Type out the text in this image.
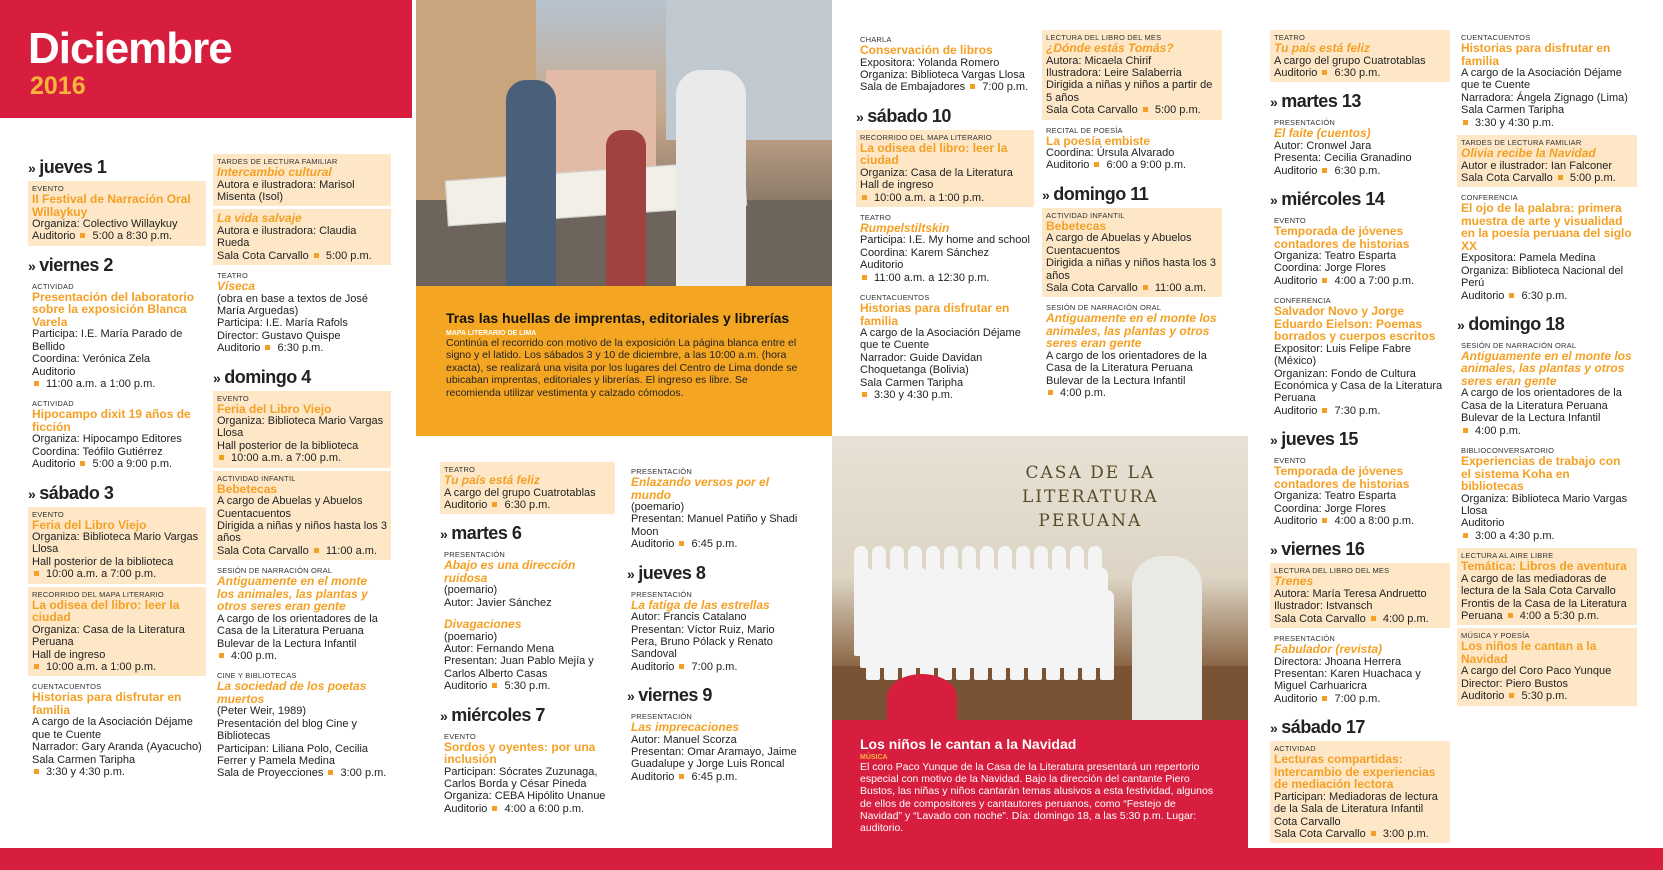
Diciembre
2016
Foto: Sonia Ulloa
Tras las huellas de imprentas, editoriales y librerías
MAPA LITERARIO DE LIMA
Continúa el recorrido con motivo de la exposición La página blanca entre el signo y el latido. Los sábados 3 y 10 de diciembre, a las 10:00 a.m. (hora exacta), se realizará una visita por los lugares del Centro de Lima donde se ubicaban imprentas, editoriales y librerías. El ingreso es libre. Se recomienda utilizar vestimenta y calzado cómodos.
CASA DE LA
LITERATURA
PERUANA
Los niños le cantan a la Navidad
MÚSICA
El coro Paco Yunque de la Casa de la Literatura presentará un repertorio especial con motivo de la Navidad. Bajo la dirección del cantante Piero Bustos, las niñas y niños cantarán temas alusivos a esta festividad, algunos de ellos de compositores y cantautores peruanos, como “Festejo de Navidad” y “Lavado con noche”. Día: domingo 18, a las 5:30 p.m. Lugar: auditorio.
» jueves 1
EVENTO
II Festival de Narración Oral Willaykuy
Organiza: Colectivo Willaykuy
Auditorio  5:00 a 8:30 p.m.
» viernes 2
ACTIVIDAD
Presentación del laboratorio sobre la exposición Blanca Varela
Participa: I.E. María Parado de Bellido
Coordina: Verónica Zela
Auditorio
11:00 a.m. a 1:00 p.m.
ACTIVIDAD
Hipocampo dixit 19 años de ficción
Organiza: Hipocampo Editores
Coordina: Teófilo Gutiérrez
Auditorio  5:00 a 9:00 p.m.
» sábado 3
EVENTO
Feria del Libro Viejo
Organiza: Biblioteca Mario Vargas Llosa
Hall posterior de la biblioteca
10:00 a.m. a 7:00 p.m.
RECORRIDO DEL MAPA LITERARIO
La odisea del libro: leer la ciudad
Organiza: Casa de la Literatura Peruana
Hall de ingreso
10:00 a.m. a 1:00 p.m.
CUENTACUENTOS
Historias para disfrutar en familia
A cargo de la Asociación Déjame que te Cuente
Narrador: Gary Aranda (Ayacucho)
Sala Carmen Taripha
3:30 y 4:30 p.m.
TARDES DE LECTURA FAMILIAR
Intercambio cultural
Autora e ilustradora: Marisol Misenta (Isol)
La vida salvaje
Autora e ilustradora: Claudia Rueda
Sala Cota Carvallo  5:00 p.m.
TEATRO
Víseca
(obra en base a textos de José María Arguedas)
Participa: I.E. María Rafols
Director: Gustavo Quispe
Auditorio  6:30 p.m.
» domingo 4
EVENTO
Feria del Libro Viejo
Organiza: Biblioteca Mario Vargas Llosa
Hall posterior de la biblioteca
10:00 a.m. a 7:00 p.m.
ACTIVIDAD INFANTIL
Bebetecas
A cargo de Abuelas y Abuelos Cuentacuentos
Dirigida a niñas y niños hasta los 3 años
Sala Cota Carvallo  11:00 a.m.
SESIÓN DE NARRACIÓN ORAL
Antiguamente en el monte los animales, las plantas y otros seres eran gente
A cargo de los orientadores de la Casa de la Literatura Peruana
Bulevar de la Lectura Infantil
4:00 p.m.
CINE Y BIBLIOTECAS
La sociedad de los poetas muertos
(Peter Weir, 1989)
Presentación del blog Cine y Bibliotecas
Participan: Liliana Polo, Cecilia Ferrer y Pamela Medina
Sala de Proyecciones  3:00 p.m.
TEATRO
Tu país está feliz
A cargo del grupo Cuatrotablas
Auditorio  6:30 p.m.
» martes 6
PRESENTACIÓN
Abajo es una dirección ruidosa
(poemario)
Autor: Javier Sánchez
Divagaciones
(poemario)
Autor: Fernando Mena
Presentan: Juan Pablo Mejía y Carlos Alberto Casas
Auditorio  5:30 p.m.
» miércoles 7
EVENTO
Sordos y oyentes: por una inclusión
Participan: Sócrates Zuzunaga, Carlos Borda y César Pineda
Organiza: CEBA Hipólito Unanue
Auditorio  4:00 a 6:00 p.m.
PRESENTACIÓN
Enlazando versos por el mundo
(poemario)
Presentan: Manuel Patiño y Shadi Moon
Auditorio  6:45 p.m.
» jueves 8
PRESENTACIÓN
La fatiga de las estrellas
Autor: Francis Catalano
Presentan: Víctor Ruiz, Mario Pera, Bruno Pólack y Renato Sandoval
Auditorio  7:00 p.m.
» viernes 9
PRESENTACIÓN
Las imprecaciones
Autor: Manuel Scorza
Presentan: Omar Aramayo, Jaime Guadalupe y Jorge Luis Roncal
Auditorio  6:45 p.m.
CHARLA
Conservación de libros
Expositora: Yolanda Romero
Organiza: Biblioteca Vargas Llosa
Sala de Embajadores  7:00 p.m.
» sábado 10
RECORRIDO DEL MAPA LITERARIO
La odisea del libro: leer la ciudad
Organiza: Casa de la Literatura
Hall de ingreso
10:00 a.m. a 1:00 p.m.
TEATRO
Rumpelstiltskin
Participa: I.E. My home and school
Coordina: Karem Sánchez
Auditorio
11:00 a.m. a 12:30 p.m.
CUENTACUENTOS
Historias para disfrutar en familia
A cargo de la Asociación Déjame que te Cuente
Narrador: Guide Davidan Choquetanga (Bolivia)
Sala Carmen Taripha
3:30 y 4:30 p.m.
LECTURA DEL LIBRO DEL MES
¿Dónde estás Tomás?
Autora: Micaela Chirif
Ilustradora: Leire Salaberria
Dirigida a niñas y niños a partir de 5 años
Sala Cota Carvallo  5:00 p.m.
RECITAL DE POESÍA
La poesía embiste
Coordina: Úrsula Alvarado
Auditorio  6:00 a 9:00 p.m.
» domingo 11
ACTIVIDAD INFANTIL
Bebetecas
A cargo de Abuelas y Abuelos Cuentacuentos
Dirigida a niñas y niños hasta los 3 años
Sala Cota Carvallo  11:00 a.m.
SESIÓN DE NARRACIÓN ORAL
Antiguamente en el monte los animales, las plantas y otros seres eran gente
A cargo de los orientadores de la Casa de la Literatura Peruana
Bulevar de la Lectura Infantil
4:00 p.m.
TEATRO
Tu país está feliz
A cargo del grupo Cuatrotablas
Auditorio  6:30 p.m.
» martes 13
PRESENTACIÓN
El faite (cuentos)
Autor: Cronwel Jara
Presenta: Cecilia Granadino
Auditorio  6:30 p.m.
» miércoles 14
EVENTO
Temporada de jóvenes contadores de historias
Organiza: Teatro Esparta
Coordina: Jorge Flores
Auditorio  4:00 a 7:00 p.m.
CONFERENCIA
Salvador Novo y Jorge Eduardo Eielson: Poemas borrados y cuerpos escritos
Expositor: Luis Felipe Fabre (México)
Organizan: Fondo de Cultura Económica y Casa de la Literatura Peruana
Auditorio  7:30 p.m.
» jueves 15
EVENTO
Temporada de jóvenes contadores de historias
Organiza: Teatro Esparta
Coordina: Jorge Flores
Auditorio  4:00 a 8:00 p.m.
» viernes 16
LECTURA DEL LIBRO DEL MES
Trenes
Autora: María Teresa Andruetto
Ilustrador: Istvansch
Sala Cota Carvallo  4:00 p.m.
PRESENTACIÓN
Fabulador (revista)
Directora: Jhoana Herrera
Presentan: Karen Huachaca y Miguel Carhuaricra
Auditorio  7:00 p.m.
» sábado 17
ACTIVIDAD
Lecturas compartidas: Intercambio de experiencias de mediación lectora
Participan: Mediadoras de lectura de la Sala de Literatura Infantil Cota Carvallo
Sala Cota Carvallo  3:00 p.m.
CUENTACUENTOS
Historias para disfrutar en familia
A cargo de la Asociación Déjame que te Cuente
Narradora: Ángela Zignago (Lima)
Sala Carmen Taripha
3:30 y 4:30 p.m.
TARDES DE LECTURA FAMILIAR
Olivia recibe la Navidad
Autor e ilustrador: Ian Falconer
Sala Cota Carvallo  5:00 p.m.
CONFERENCIA
El ojo de la palabra: primera muestra de arte y visualidad en la poesía peruana del siglo XX
Expositora: Pamela Medina
Organiza: Biblioteca Nacional del Perú
Auditorio  6:30 p.m.
» domingo 18
SESIÓN DE NARRACIÓN ORAL
Antiguamente en el monte los animales, las plantas y otros seres eran gente
A cargo de los orientadores de la Casa de la Literatura Peruana
Bulevar de la Lectura Infantil
4:00 p.m.
BIBLIOCONVERSATORIO
Experiencias de trabajo con el sistema Koha en bibliotecas
Organiza: Biblioteca Mario Vargas Llosa
Auditorio
3:00 a 4:30 p.m.
LECTURA AL AIRE LIBRE
Temática: Libros de aventura
A cargo de las mediadoras de lectura de la Sala Cota Carvallo
Frontis de la Casa de la Literatura Peruana  4:00 a 5:30 p.m.
MÚSICA Y POESÍA
Los niños le cantan a la Navidad
A cargo del Coro Paco Yunque
Director: Piero Bustos
Auditorio  5:30 p.m.
